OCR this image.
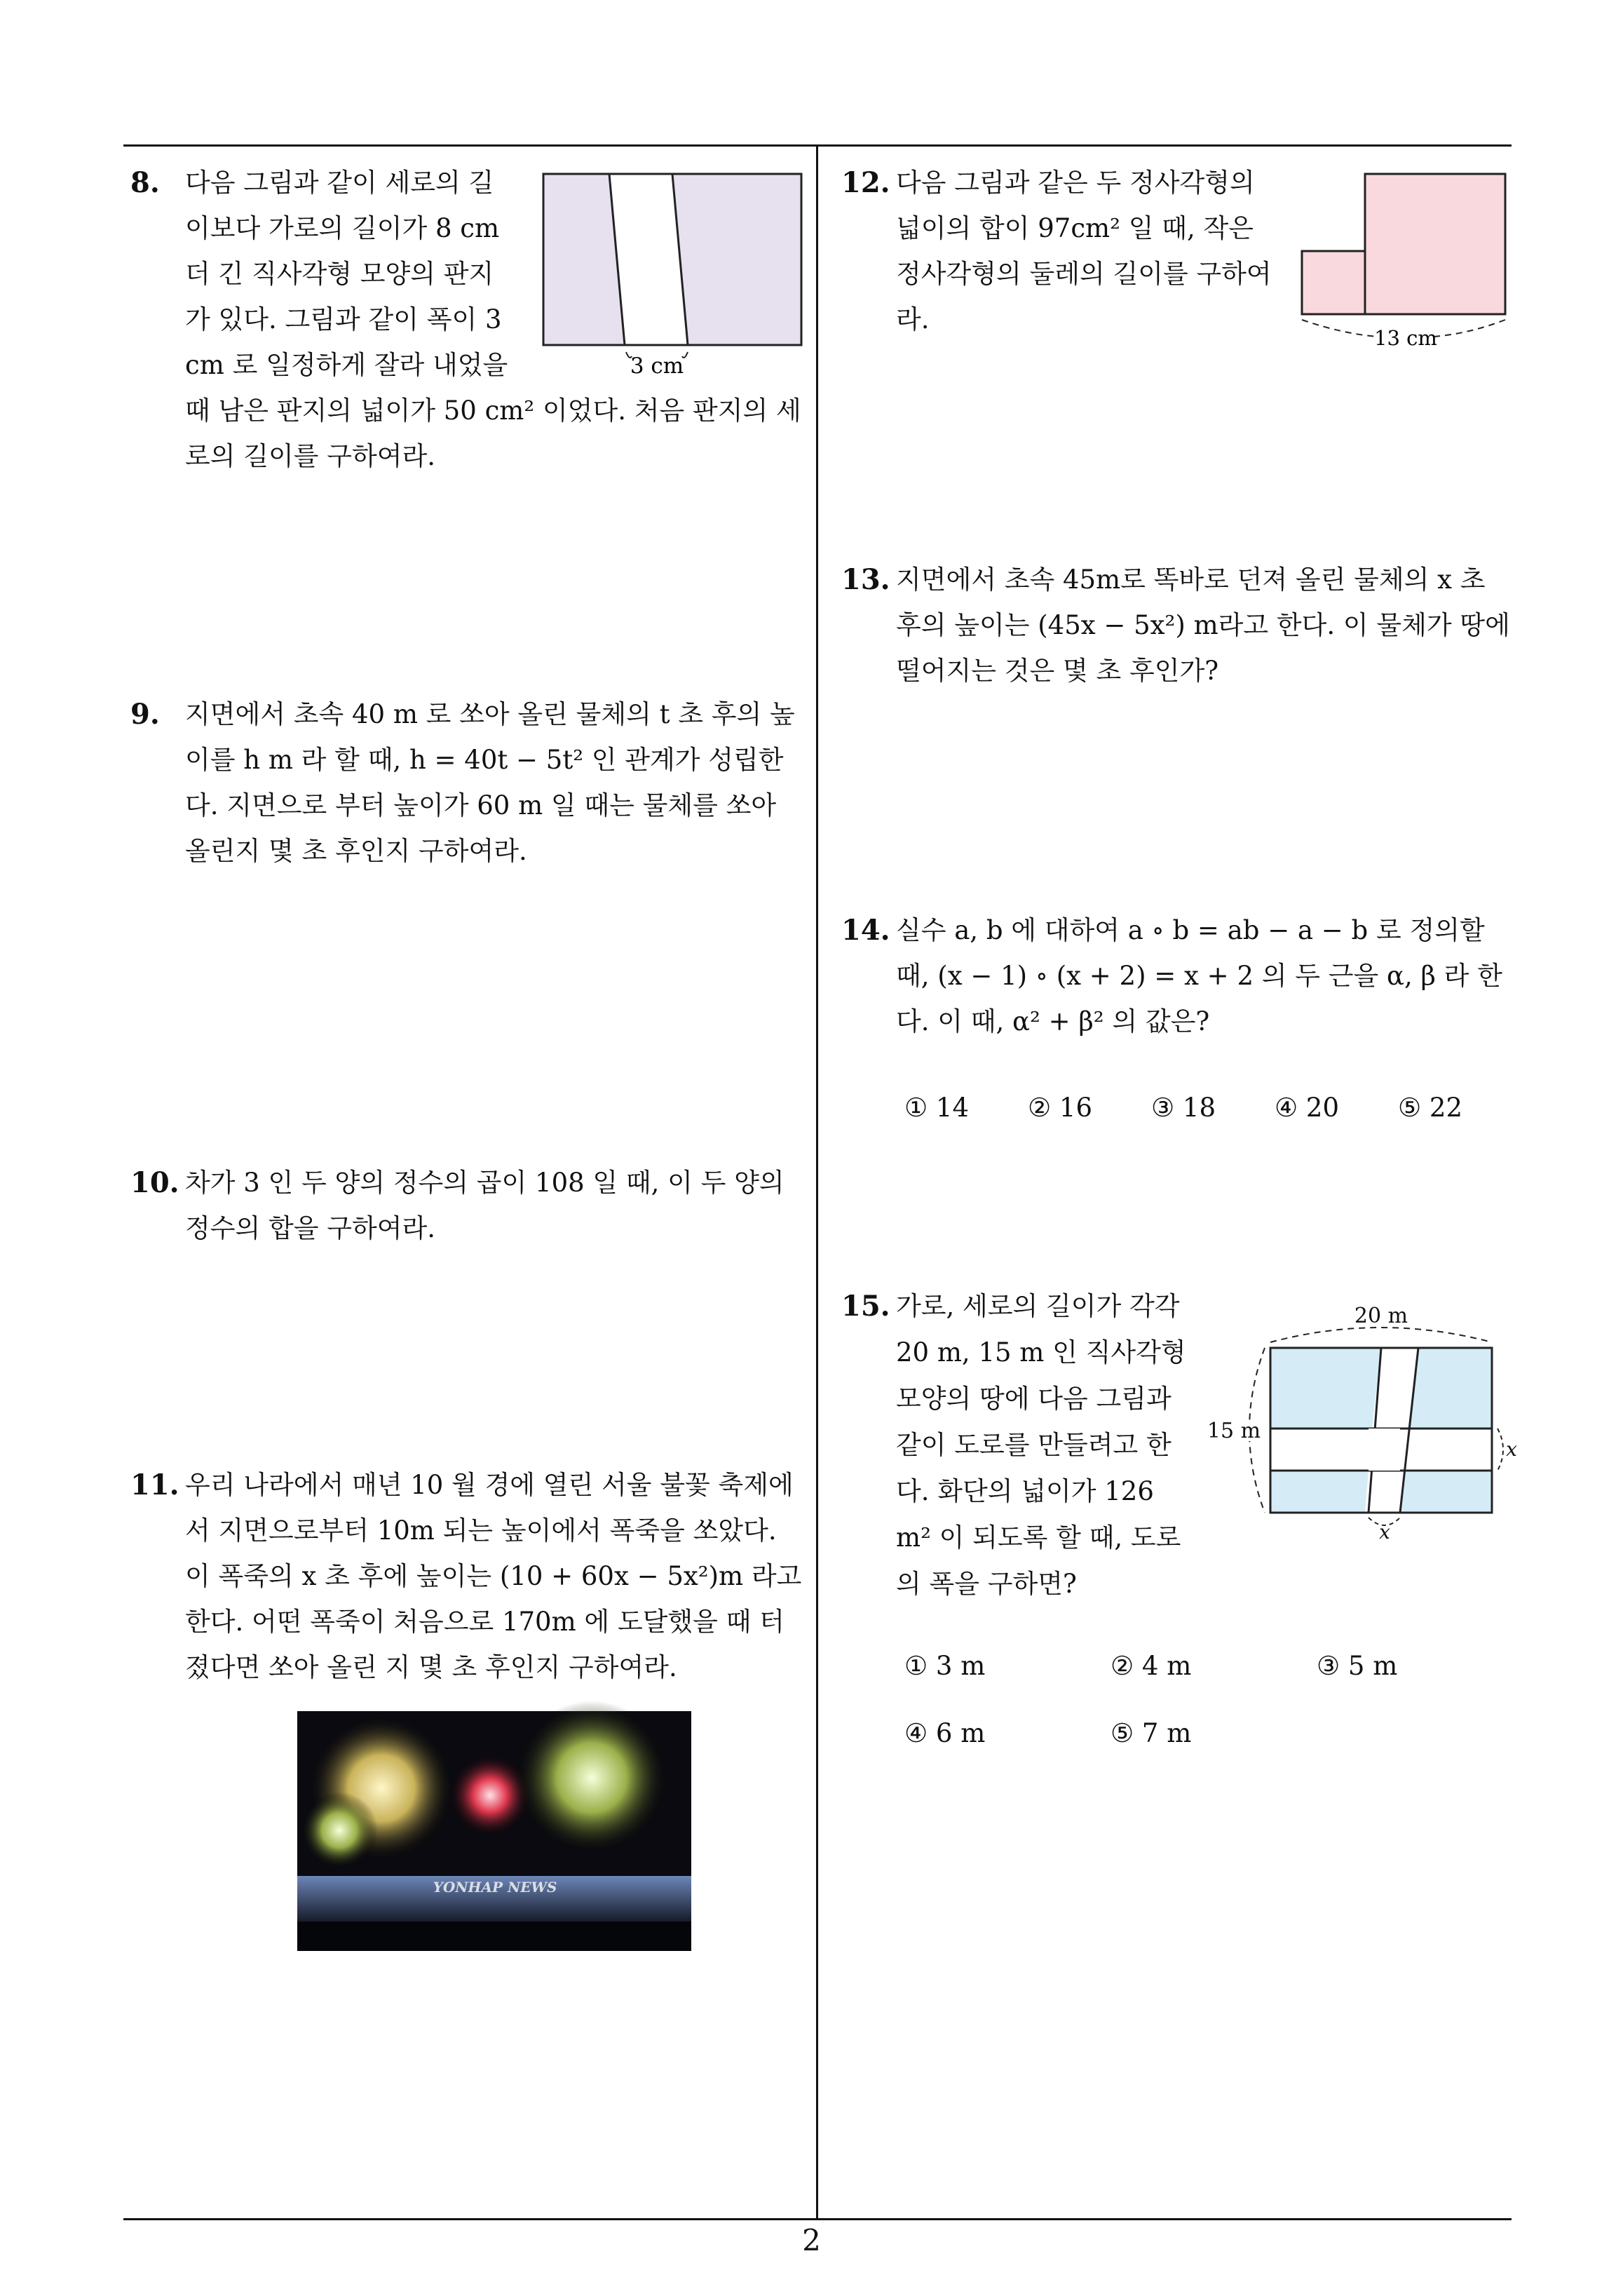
8. 다음 그림과 같이 세로의 길이보다 가로의 길이가 8 cm 더 긴 직사각형 모양의 판지가 있다. 그림과 같이 폭이 3 cm 로 일정하게 잘라 내었을 때 남은 판지의 넓이가 50 cm² 이었다. 처음 판지의 세로의 길이를 구하여라.

3 cm
9. 지면에서 초속 40 m 로 쏘아 올린 물체의 t 초 후의 높이를 h m 라 할 때, h = 40t − 5t² 인 관계가 성립한다. 지면으로 부터 높이가 60 m 일 때는 물체를 쏘아 올린지 몇 초 후인지 구하여라.

10. 차가 3 인 두 양의 정수의 곱이 108 일 때, 이 두 양의 정수의 합을 구하여라.

11. 우리 나라에서 매년 10 월 경에 열린 서울 불꽃 축제에서 지면으로부터 10m 되는 높이에서 폭죽을 쏘았다. 이 폭죽의 x 초 후에 높이는 (10 + 60x − 5x²)m 라고 한다. 어떤 폭죽이 처음으로 170m 에 도달했을 때 터졌다면 쏘아 올린 지 몇 초 후인지 구하여라.

YONHAP NEWS
12. 다음 그림과 같은 두 정사각형의 넓이의 합이 97cm² 일 때, 작은 정사각형의 둘레의 길이를 구하여라.

13 cm
13. 지면에서 초속 45m로 똑바로 던져 올린 물체의 x 초 후의 높이는 (45x − 5x²) m라고 한다. 이 물체가 땅에 떨어지는 것은 몇 초 후인가?

14. 실수 a, b 에 대하여 a ∘ b = ab − a − b 로 정의할 때, (x − 1) ∘ (x + 2) = x + 2 의 두 근을 α, β 라 한다. 이 때, α² + β² 의 값은?

① 14 ② 16 ③ 18 ④ 20 ⑤ 22
15. 가로, 세로의 길이가 각각 20 m, 15 m 인 직사각형 모양의 땅에 다음 그림과 같이 도로를 만들려고 한다. 화단의 넓이가 126 m² 이 되도록 할 때, 도로의 폭을 구하면?

20 m
15 m
x
x
① 3 m	② 4 m	③ 5 m
④ 6 m	⑤ 7 m
2
